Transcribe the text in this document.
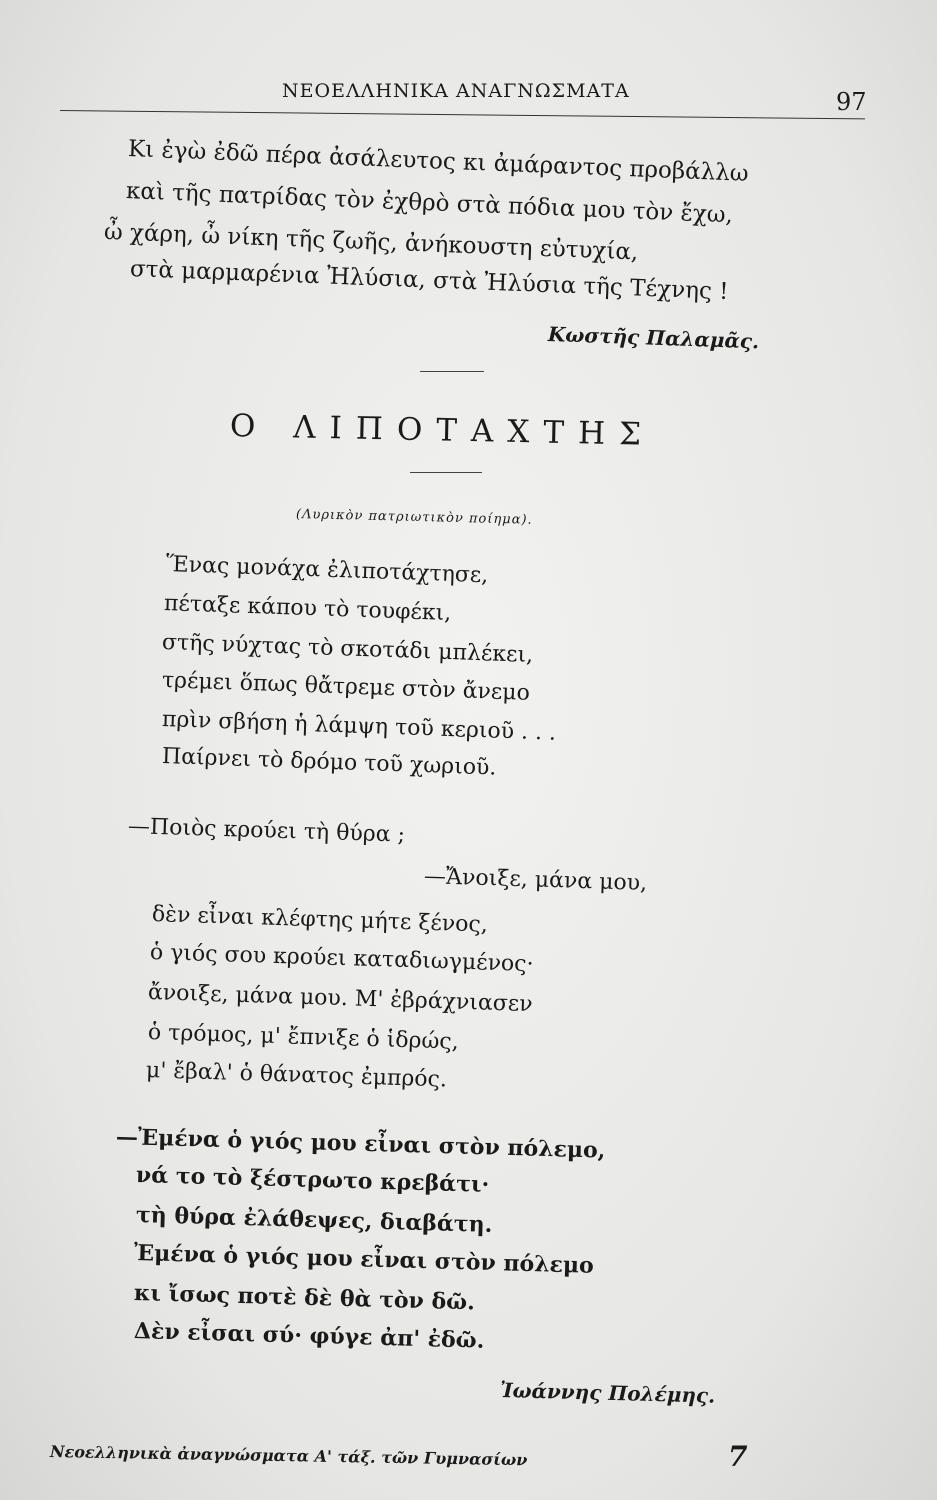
ΝΕΟΕΛΛΗΝΙΚΑ ΑΝΑΓΝΩΣΜΑΤΑ	97
Κι ἐγὼ ἐδῶ πέρα ἀσάλευτος κι ἀμάραντος προβάλλω
καὶ τῆς πατρίδας τὸν ἐχθρὸ στὰ πόδια μου τὸν ἔχω,
ὦ χάρη, ὦ νίκη τῆς ζωῆς, ἀνήκουστη εὐτυχία,
στὰ μαρμαρένια Ἠλύσια, στὰ Ἠλύσια τῆς Τέχνης !
Κωστῆς Παλαμᾶς.
Ο ΛΙΠΟΤΑΧΤΗΣ
(Λυρικὸν πατριωτικὸν ποίημα).
Ἕνας μονάχα ἐλιποτάχτησε,
πέταξε κάπου τὸ τουφέκι,
στῆς νύχτας τὸ σκοτάδι μπλέκει,
τρέμει ὅπως θἄτρεμε στὸν ἄνεμο
πρὶν σβήση ἡ λάμψη τοῦ κεριοῦ . . .
Παίρνει τὸ δρόμο τοῦ χωριοῦ.
—Ποιὸς κρούει τὴ θύρα ;
—Ἄνοιξε, μάνα μου,
δὲν εἶναι κλέφτης μήτε ξένος,
ὁ γιός σου κρούει καταδιωγμένος·
ἄνοιξε, μάνα μου. Μ' ἐβράχνιασεν
ὁ τρόμος, μ' ἔπνιξε ὁ ἱδρώς,
μ' ἔβαλ' ὁ θάνατος ἐμπρός.
—Ἐμένα ὁ γιός μου εἶναι στὸν πόλεμο,
νά το τὸ ξέστρωτο κρεβάτι·
τὴ θύρα ἐλάθεψες, διαβάτη.
Ἐμένα ὁ γιός μου εἶναι στὸν πόλεμο
κι ἴσως ποτὲ δὲ θὰ τὸν δῶ.
Δὲν εἶσαι σύ· φύγε ἀπ' ἐδῶ.
Ἰωάννης Πολέμης.
Νεοελληνικὰ ἀναγνώσματα Α' τάξ. τῶν Γυμνασίων	7
